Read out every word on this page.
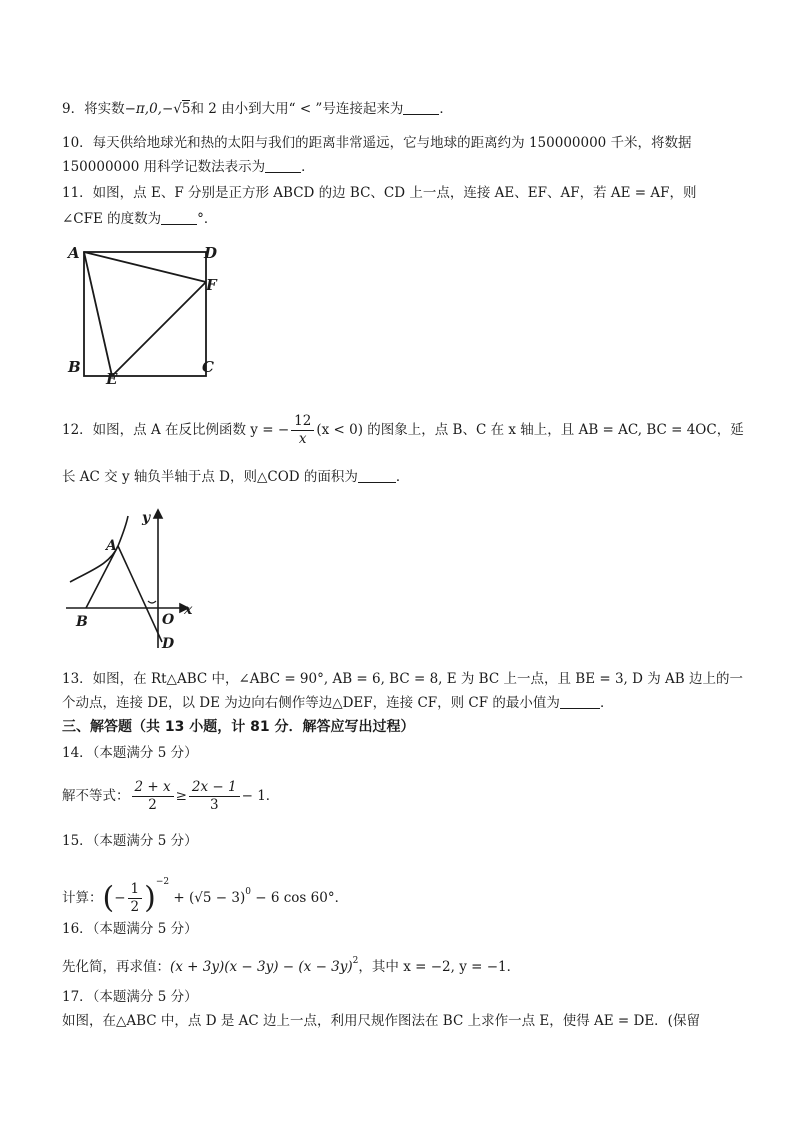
9．将实数−π,0,−√5和 2 由小到大用“ < ”号连接起来为	．
10．每天供给地球光和热的太阳与我们的距离非常遥远，它与地球的距离约为 150000000 千米，将数据
150000000 用科学记数法表示为	．
11．如图，点 E、F 分别是正方形 ABCD 的边 BC、CD 上一点，连接 AE、EF、AF，若 AE = AF，则
∠CFE 的度数为	°．
A	D
F
B
E
C
12．如图，点 A 在反比例函数 y = − $\frac{12}{x} (x < 0)$ 的图象上，点 B、C 在 x 轴上，且 AB = AC, BC = 4OC，延
长 AC 交 y 轴负半轴于点 D，则△COD 的面积为	．
A
B	O
D
x
y
13．如图，在 Rt△ABC 中，∠ABC = 90°, AB = 6, BC = 8, E 为 BC 上一点，且 BE = 3, D 为 AB 边上的一
个动点，连接 DE，以 DE 为边向右侧作等边△DEF，连接 CF，则 CF 的最小值为	．
三、解答题（共 13 小题，计 81 分．解答应写出过程）
14．（本题满分 5 分）
解不等式： $\frac{2 + x}{2} \ge \frac{2x - 1}{3} - 1$．
15．（本题满分 5 分）
计算：(− $\frac{1}{2} )^{-2} + (√5 - 3)^0 - 6$ cos 60°．
16．（本题满分 5 分）
先化简，再求值：$(x + 3y)(x - 3y) - (x - 3y)^2$，其中 x = −2, y = −1．
17．（本题满分 5 分）
如图，在△ABC 中，点 D 是 AC 边上一点，利用尺规作图法在 BC 上求作一点 E，使得 AE = DE．(保留
